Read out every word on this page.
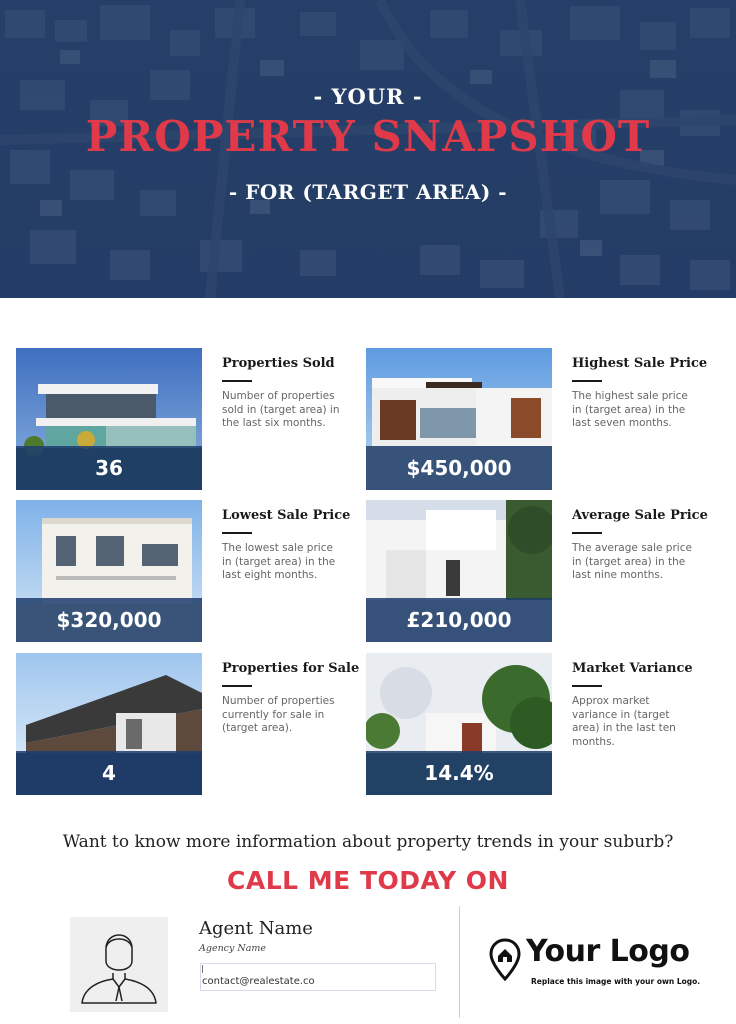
- YOUR -
PROPERTY SNAPSHOT
- FOR (TARGET AREA) -
36
Properties Sold
Number of properties sold in (target area) in the last six months.
$450,000
Highest Sale Price
The highest sale price in (target area) in the last seven months.
$320,000
Lowest Sale Price
The lowest sale price in (target area) in the last eight months.
£210,000
Average Sale Price
The average sale price in (target area) in the last nine months.
4
Properties for Sale
Number of properties currently for sale in (target area).
14.4%
Market Variance
Approx market variance in (target area) in the last ten months.
Want to know more information about property trends in your suburb?
CALL ME TODAY ON
Agent Name
Agency Name
contact@realestate.co
Your Logo
Replace this image with your own Logo.
